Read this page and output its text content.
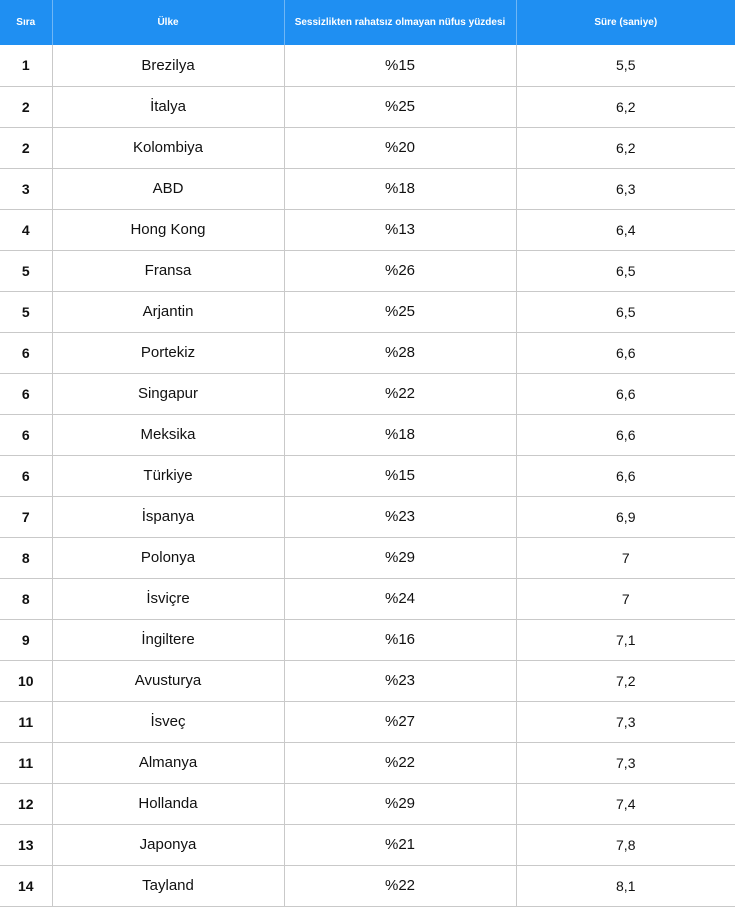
Sıra	Ülke	Sessizlikten rahatsız olmayan nüfus yüzdesi	Süre (saniye)
1	Brezilya	%15	5,5
2	İtalya	%25	6,2
2	Kolombiya	%20	6,2
3	ABD	%18	6,3
4	Hong Kong	%13	6,4
5	Fransa	%26	6,5
5	Arjantin	%25	6,5
6	Portekiz	%28	6,6
6	Singapur	%22	6,6
6	Meksika	%18	6,6
6	Türkiye	%15	6,6
7	İspanya	%23	6,9
8	Polonya	%29	7
8	İsviçre	%24	7
9	İngiltere	%16	7,1
10	Avusturya	%23	7,2
11	İsveç	%27	7,3
11	Almanya	%22	7,3
12	Hollanda	%29	7,4
13	Japonya	%21	7,8
14	Tayland	%22	8,1
